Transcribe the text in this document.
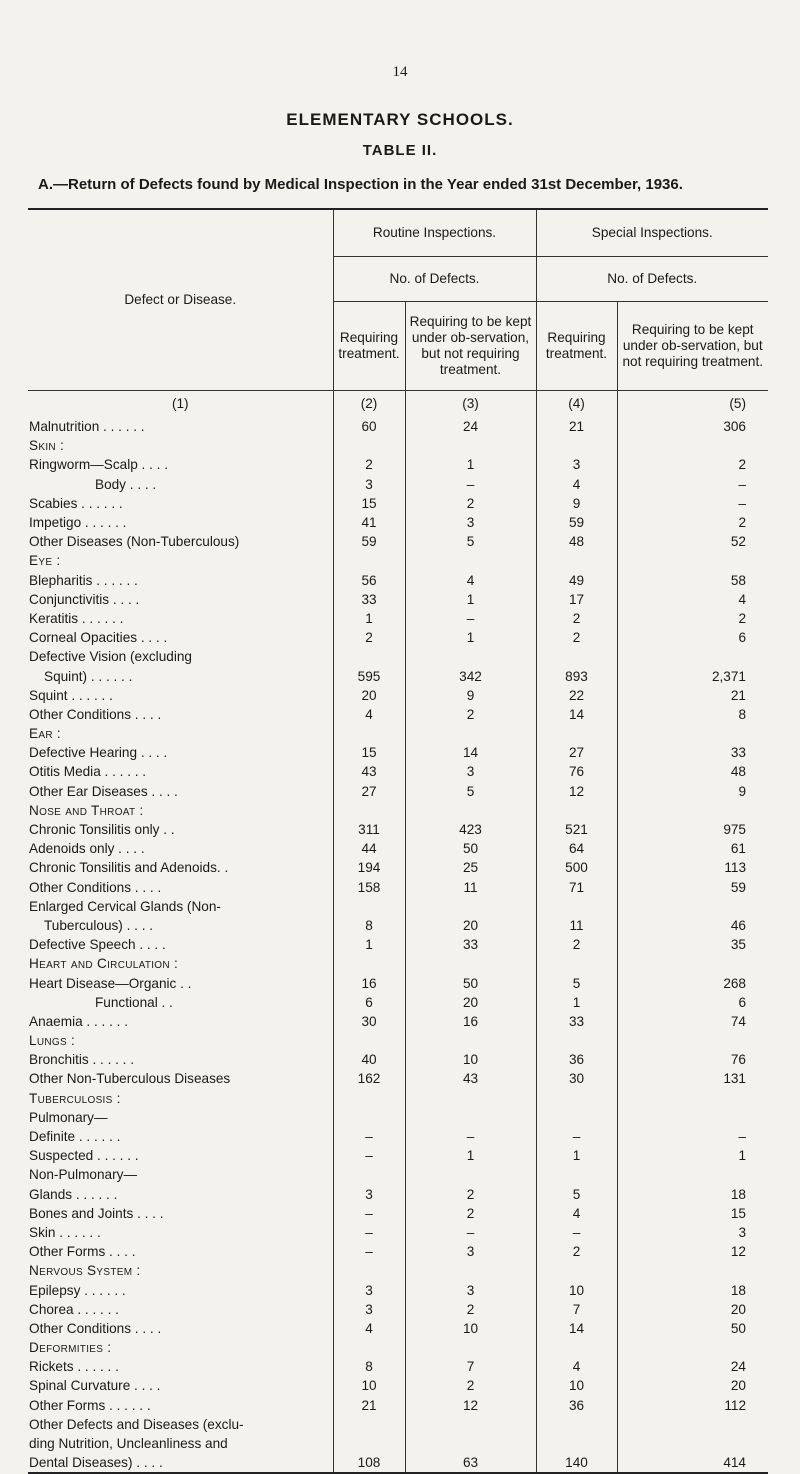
14
ELEMENTARY SCHOOLS.
TABLE II.
A.—Return of Defects found by Medical Inspection in the Year ended 31st December, 1936.
Defect or Disease.	Routine Inspections.		Special Inspections.	
	No. of Defects.		No. of Defects.	
	Requiring treatment.	Requiring to be kept under ob-servation, but not requiring treatment.	Requiring treatment.	Requiring to be kept under ob-servation, but not requiring treatment.
(1)	(2)	(3)	(4)	(5)
Malnutrition . . . . . .	60	24	21	306
Skin :				
Ringworm—Scalp . . . .	2	1	3	2
Body . . . .	3	–	4	–
Scabies . . . . . .	15	2	9	–
Impetigo . . . . . .	41	3	59	2
Other Diseases (Non-Tuberculous)	59	5	48	52
Eye :				
Blepharitis . . . . . .	56	4	49	58
Conjunctivitis . . . .	33	1	17	4
Keratitis . . . . . .	1	–	2	2
Corneal Opacities . . . .	2	1	2	6
Defective Vision (excluding				
Squint) . . . . . .	595	342	893	2,371
Squint . . . . . .	20	9	22	21
Other Conditions . . . .	4	2	14	8
Ear :				
Defective Hearing . . . .	15	14	27	33
Otitis Media . . . . . .	43	3	76	48
Other Ear Diseases . . . .	27	5	12	9
Nose and Throat :				
Chronic Tonsilitis only . .	311	423	521	975
Adenoids only . . . .	44	50	64	61
Chronic Tonsilitis and Adenoids. .	194	25	500	113
Other Conditions . . . .	158	11	71	59
Enlarged Cervical Glands (Non-				
Tuberculous) . . . .	8	20	11	46
Defective Speech . . . .	1	33	2	35
Heart and Circulation :				
Heart Disease—Organic . .	16	50	5	268
Functional . .	6	20	1	6
Anaemia . . . . . .	30	16	33	74
Lungs :				
Bronchitis . . . . . .	40	10	36	76
Other Non-Tuberculous Diseases	162	43	30	131
Tuberculosis :				
Pulmonary—				
Definite . . . . . .	–	–	–	–
Suspected . . . . . .	–	1	1	1
Non-Pulmonary—				
Glands . . . . . .	3	2	5	18
Bones and Joints . . . .	–	2	4	15
Skin . . . . . .	–	–	–	3
Other Forms . . . .	–	3	2	12
Nervous System :				
Epilepsy . . . . . .	3	3	10	18
Chorea . . . . . .	3	2	7	20
Other Conditions . . . .	4	10	14	50
Deformities :				
Rickets . . . . . .	8	7	4	24
Spinal Curvature . . . .	10	2	10	20
Other Forms . . . . . .	21	12	36	112
Other Defects and Diseases (exclu-				
ding Nutrition, Uncleanliness and				
Dental Diseases) . . . .	108	63	140	414
